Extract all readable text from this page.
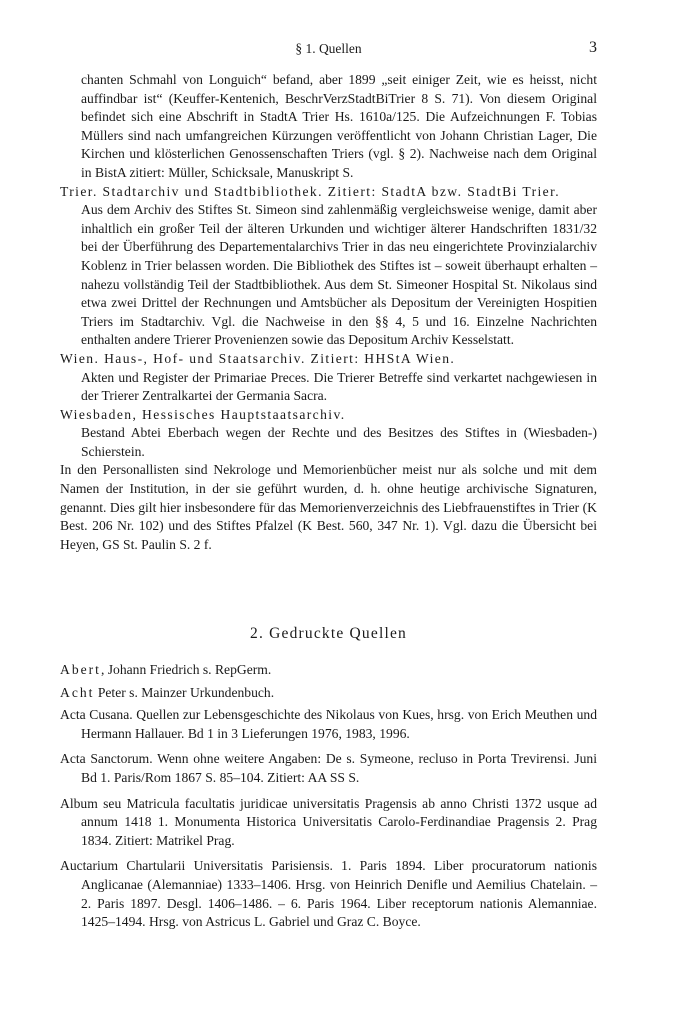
§ 1. Quellen	3

chanten Schmahl von Longuich“ befand, aber 1899 „seit einiger Zeit, wie es heisst, nicht auffindbar ist“ (Keuffer-Kentenich, BeschrVerzStadtBiTrier 8 S. 71). Von diesem Original befindet sich eine Abschrift in StadtA Trier Hs. 1610a/125. Die Aufzeichnungen F. Tobias Müllers sind nach umfangreichen Kürzungen veröffentlicht von Johann Christian Lager, Die Kirchen und klösterlichen Genossenschaften Triers (vgl. § 2). Nachweise nach dem Original in BistA zitiert: Müller, Schicksale, Manuskript S.

Trier. Stadtarchiv und Stadtbibliothek. Zitiert: StadtA bzw. StadtBi Trier.
Aus dem Archiv des Stiftes St. Simeon sind zahlenmäßig vergleichsweise wenige, damit aber inhaltlich ein großer Teil der älteren Urkunden und wichtiger älterer Handschriften 1831/32 bei der Überführung des Departementalarchivs Trier in das neu eingerichtete Provinzialarchiv Koblenz in Trier belassen worden. Die Bibliothek des Stiftes ist – soweit überhaupt erhalten – nahezu vollständig Teil der Stadtbibliothek. Aus dem St. Simeoner Hospital St. Nikolaus sind etwa zwei Drittel der Rechnungen und Amtsbücher als Depositum der Vereinigten Hospitien Triers im Stadtarchiv. Vgl. die Nachweise in den §§ 4, 5 und 16. Einzelne Nachrichten enthalten andere Trierer Provenienzen sowie das Depositum Archiv Kesselstatt.
Wien. Haus-, Hof- und Staatsarchiv. Zitiert: HHStA Wien.
Akten und Register der Primariae Preces. Die Trierer Betreffe sind verkartet nachgewiesen in der Trierer Zentralkartei der Germania Sacra.
Wiesbaden, Hessisches Hauptstaatsarchiv.
Bestand Abtei Eberbach wegen der Rechte und des Besitzes des Stiftes in (Wiesbaden-) Schierstein.

In den Personallisten sind Nekrologe und Memorienbücher meist nur als solche und mit dem Namen der Institution, in der sie geführt wurden, d. h. ohne heutige archivische Signaturen, genannt. Dies gilt hier insbesondere für das Memorienverzeichnis des Liebfrauenstiftes in Trier (K Best. 206 Nr. 102) und des Stiftes Pfalzel (K Best. 560, 347 Nr. 1). Vgl. dazu die Übersicht bei Heyen, GS St. Paulin S. 2 f.

2. Gedruckte Quellen

Abert, Johann Friedrich s. RepGerm.

Acht Peter s. Mainzer Urkundenbuch.

Acta Cusana. Quellen zur Lebensgeschichte des Nikolaus von Kues, hrsg. von Erich Meuthen und Hermann Hallauer. Bd 1 in 3 Lieferungen 1976, 1983, 1996.

Acta Sanctorum. Wenn ohne weitere Angaben: De s. Symeone, recluso in Porta Trevirensi. Juni Bd 1. Paris/Rom 1867 S. 85–104. Zitiert: AA SS S.

Album seu Matricula facultatis juridicae universitatis Pragensis ab anno Christi 1372 usque ad annum 1418 1. Monumenta Historica Universitatis Carolo-Ferdinandiae Pragensis 2. Prag 1834. Zitiert: Matrikel Prag.

Auctarium Chartularii Universitatis Parisiensis. 1. Paris 1894. Liber procuratorum nationis Anglicanae (Alemanniae) 1333–1406. Hrsg. von Heinrich Denifle und Aemilius Chatelain. – 2. Paris 1897. Desgl. 1406–1486. – 6. Paris 1964. Liber receptorum nationis Alemanniae. 1425–1494. Hrsg. von Astricus L. Gabriel und Graz C. Boyce.
